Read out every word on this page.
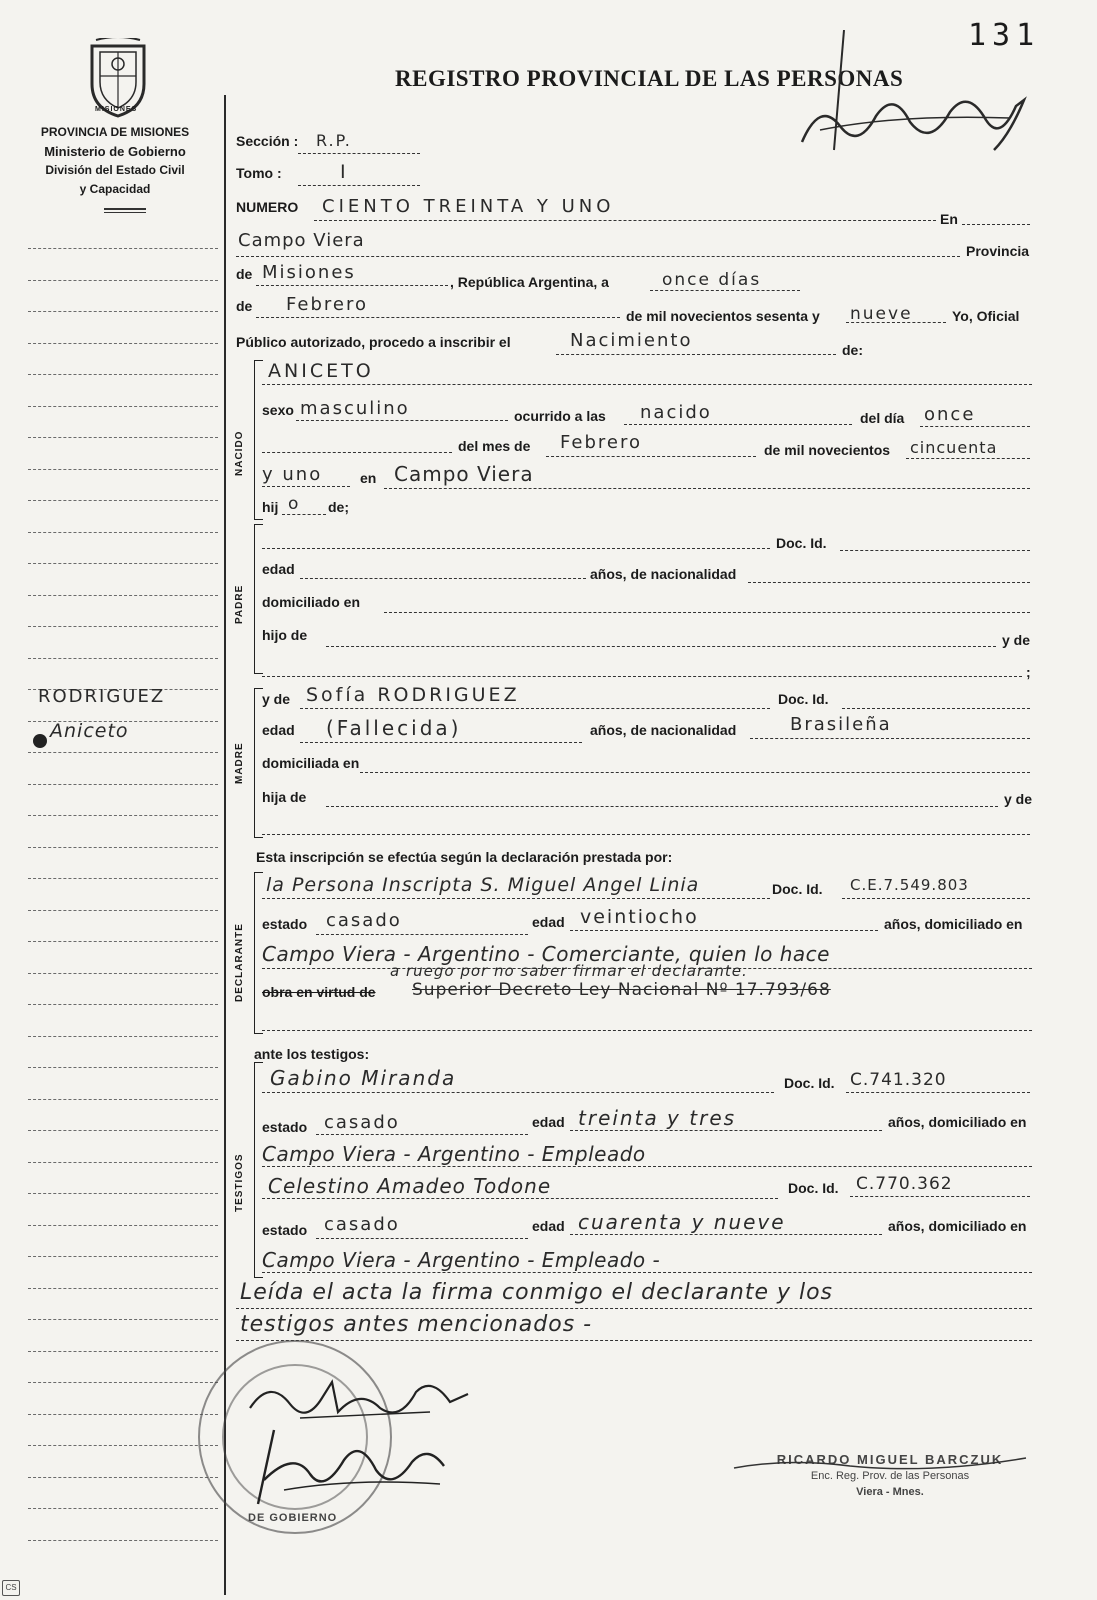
131
REGISTRO PROVINCIAL DE LAS PERSONAS
MISIONES
PROVINCIA DE MISIONES
Ministerio de Gobierno
División del Estado Civil
y Capacidad
RODRIGUEZ
Aniceto
Sección : R.P.
Tomo :	I
NUMERO CIENTO TREINTA Y UNO
En
Campo Viera	Provincia
de Misiones	, República Argentina, a	once días
de Febrero
de mil novecientos sesenta y nueve	Yo, Oficial
Público autorizado, procedo a inscribir el	Nacimiento	de:
NACIDO
ANICETO
sexo masculino	ocurrido a las nacido	del día once
del mes de Febrero	de mil novecientos cincuenta
y uno	en Campo Viera
hij o de;
PADRE
Doc. Id.
edad	años, de nacionalidad
domiciliado en
hijo de	y de
;
MADRE
y de Sofía RODRIGUEZ	Doc. Id.
edad (Fallecida)	años, de nacionalidad	Brasileña
domiciliada en
hija de	y de
Esta inscripción se efectúa según la declaración prestada por:
DECLARANTE
la Persona Inscripta S. Miguel Angel Linia	Doc. Id. C.E.7.549.803
estado casado	edad veintiocho	años, domiciliado en
Campo Viera - Argentino - Comerciante, quien lo hace
a ruego por no saber firmar el declarante.
obra en virtud de Superior Decreto Ley Nacional Nº 17.793/68
ante los testigos:
TESTIGOS
Gabino Miranda	Doc. Id. C.741.320
estado casado	edad treinta y tres	años, domiciliado en
Campo Viera - Argentino - Empleado
Celestino Amadeo Todone	Doc. Id. C.770.362
estado casado	edad cuarenta y nueve	años, domiciliado en
Campo Viera - Argentino - Empleado -
Leída el acta la firma conmigo el declarante y los
testigos antes mencionados -
DE GOBIERNO
RICARDO MIGUEL BARCZUK
Enc. Reg. Prov. de las Personas
Viera - Mnes.
CS
